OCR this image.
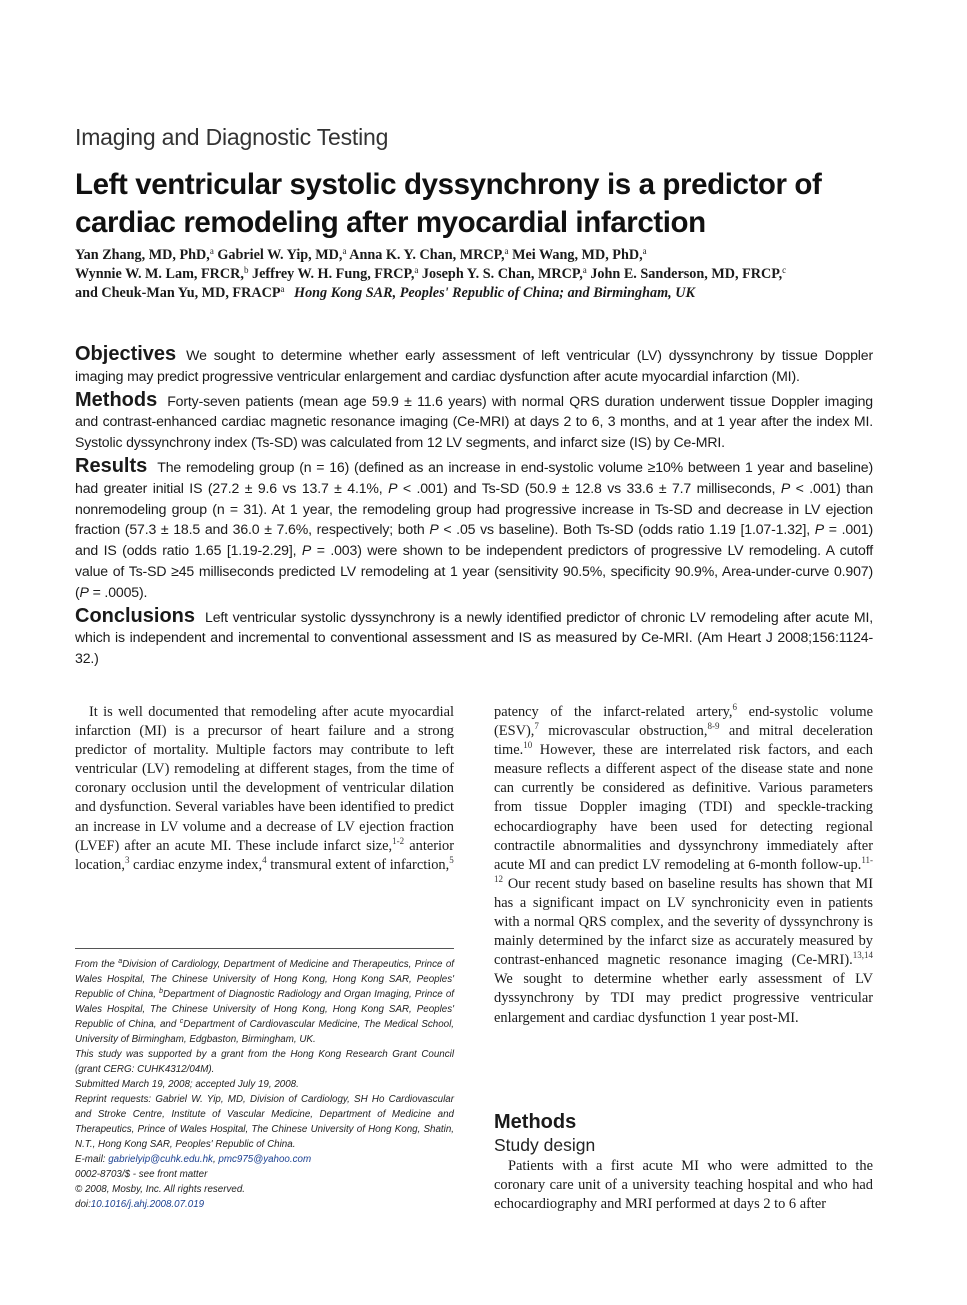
Imaging and Diagnostic Testing
Left ventricular systolic dyssynchrony is a predictor of cardiac remodeling after myocardial infarction
Yan Zhang, MD, PhD,$^a$ Gabriel W. Yip, MD,$^a$ Anna K. Y. Chan, MRCP,$^a$ Mei Wang, MD, PhD,$^a$
Wynnie W. M. Lam, FRCR,$^b$ Jeffrey W. H. Fung, FRCP,$^a$ Joseph Y. S. Chan, MRCP,$^a$ John E. Sanderson, MD, FRCP,$^c$
and Cheuk-Man Yu, MD, FRACP$^a$ Hong Kong SAR, Peoples' Republic of China; and Birmingham, UK

Objectives We sought to determine whether early assessment of left ventricular (LV) dyssynchrony by tissue Doppler imaging may predict progressive ventricular enlargement and cardiac dysfunction after acute myocardial infarction (MI).

Methods Forty-seven patients (mean age 59.9 ± 11.6 years) with normal QRS duration underwent tissue Doppler imaging and contrast-enhanced cardiac magnetic resonance imaging (Ce-MRI) at days 2 to 6, 3 months, and at 1 year after the index MI. Systolic dyssynchrony index (Ts-SD) was calculated from 12 LV segments, and infarct size (IS) by Ce-MRI.

Results The remodeling group (n = 16) (defined as an increase in end-systolic volume ≥10% between 1 year and baseline) had greater initial IS (27.2 ± 9.6 vs 13.7 ± 4.1%, P < .001) and Ts-SD (50.9 ± 12.8 vs 33.6 ± 7.7 milliseconds, P < .001) than nonremodeling group (n = 31). At 1 year, the remodeling group had progressive increase in Ts-SD and decrease in LV ejection fraction (57.3 ± 18.5 and 36.0 ± 7.6%, respectively; both P < .05 vs baseline). Both Ts-SD (odds ratio 1.19 [1.07-1.32], P = .001) and IS (odds ratio 1.65 [1.19-2.29], P = .003) were shown to be independent predictors of progressive LV remodeling. A cutoff value of Ts-SD ≥45 milliseconds predicted LV remodeling at 1 year (sensitivity 90.5%, specificity 90.9%, Area-under-curve 0.907) (P = .0005).

Conclusions Left ventricular systolic dyssynchrony is a newly identified predictor of chronic LV remodeling after acute MI, which is independent and incremental to conventional assessment and IS as measured by Ce-MRI. (Am Heart J 2008;156:1124-32.)

It is well documented that remodeling after acute myocardial infarction (MI) is a precursor of heart failure and a strong predictor of mortality. Multiple factors may contribute to left ventricular (LV) remodeling at different stages, from the time of coronary occlusion until the development of ventricular dilation and dysfunction. Several variables have been identified to predict an increase in LV volume and a decrease of LV ejection fraction (LVEF) after an acute MI. These include infarct size,$^{1-2}$ anterior location,$^3$ cardiac enzyme index,$^4$ transmural extent of infarction,$^5$

From the $^a$Division of Cardiology, Department of Medicine and Therapeutics, Prince of Wales Hospital, The Chinese University of Hong Kong, Hong Kong SAR, Peoples' Republic of China, $^b$Department of Diagnostic Radiology and Organ Imaging, Prince of Wales Hospital, The Chinese University of Hong Kong, Hong Kong SAR, Peoples' Republic of China, and $^c$Department of Cardiovascular Medicine, The Medical School, University of Birmingham, Edgbaston, Birmingham, UK.

This study was supported by a grant from the Hong Kong Research Grant Council (grant CERG: CUHK4312/04M).

Submitted March 19, 2008; accepted July 19, 2008.

Reprint requests: Gabriel W. Yip, MD, Division of Cardiology, SH Ho Cardiovascular and Stroke Centre, Institute of Vascular Medicine, Department of Medicine and Therapeutics, Prince of Wales Hospital, The Chinese University of Hong Kong, Shatin, N.T., Hong Kong SAR, Peoples' Republic of China.

E-mail: gabrielyip@cuhk.edu.hk, pmc975@yahoo.com

0002-8703/$ - see front matter

© 2008, Mosby, Inc. All rights reserved.

doi:10.1016/j.ahj.2008.07.019

patency of the infarct-related artery,$^6$ end-systolic volume (ESV),$^7$ microvascular obstruction,$^{8-9}$ and mitral deceleration time.$^{10}$ However, these are interrelated risk factors, and each measure reflects a different aspect of the disease state and none can currently be considered as definitive. Various parameters from tissue Doppler imaging (TDI) and speckle-tracking echocardiography have been used for detecting regional contractile abnormalities and dyssynchrony immediately after acute MI and can predict LV remodeling at 6-month follow-up.$^{11-12}$ Our recent study based on baseline results has shown that MI has a significant impact on LV synchronicity even in patients with a normal QRS complex, and the severity of dyssynchrony is mainly determined by the infarct size as accurately measured by contrast-enhanced magnetic resonance imaging (Ce-MRI).$^{13,14}$ We sought to determine whether early assessment of LV dyssynchrony by TDI may predict progressive ventricular enlargement and cardiac dysfunction 1 year post-MI.

Methods
Study design

Patients with a first acute MI who were admitted to the coronary care unit of a university teaching hospital and who had echocardiography and MRI performed at days 2 to 6 after
